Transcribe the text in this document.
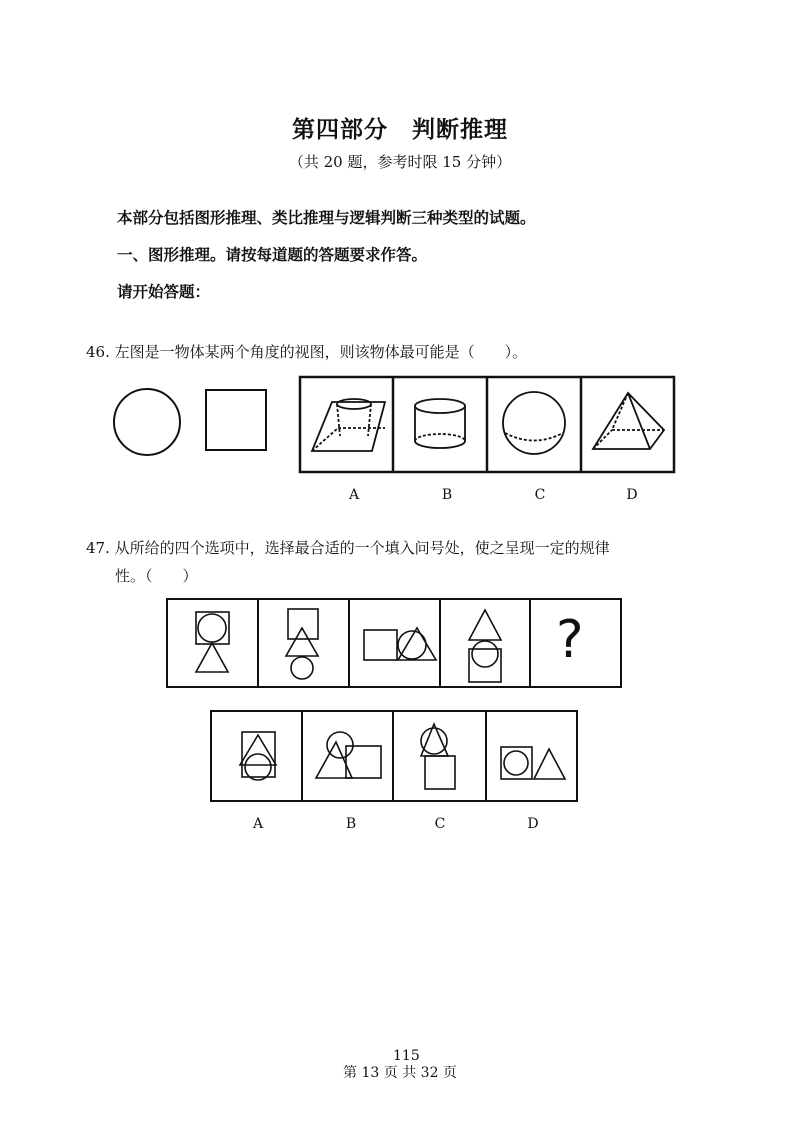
第四部分　判断推理
（共 20 题，参考时限 15 分钟）
本部分包括图形推理、类比推理与逻辑判断三种类型的试题。
一、图形推理。请按每道题的答题要求作答。
请开始答题：
46. 左图是一物体某两个角度的视图，则该物体最可能是（　　）。
A	B	C	D
47. 从所给的四个选项中，选择最合适的一个填入问号处，使之呈现一定的规律
性。（　　）
?
A	B	C	D
115
第 13 页 共 32 页
